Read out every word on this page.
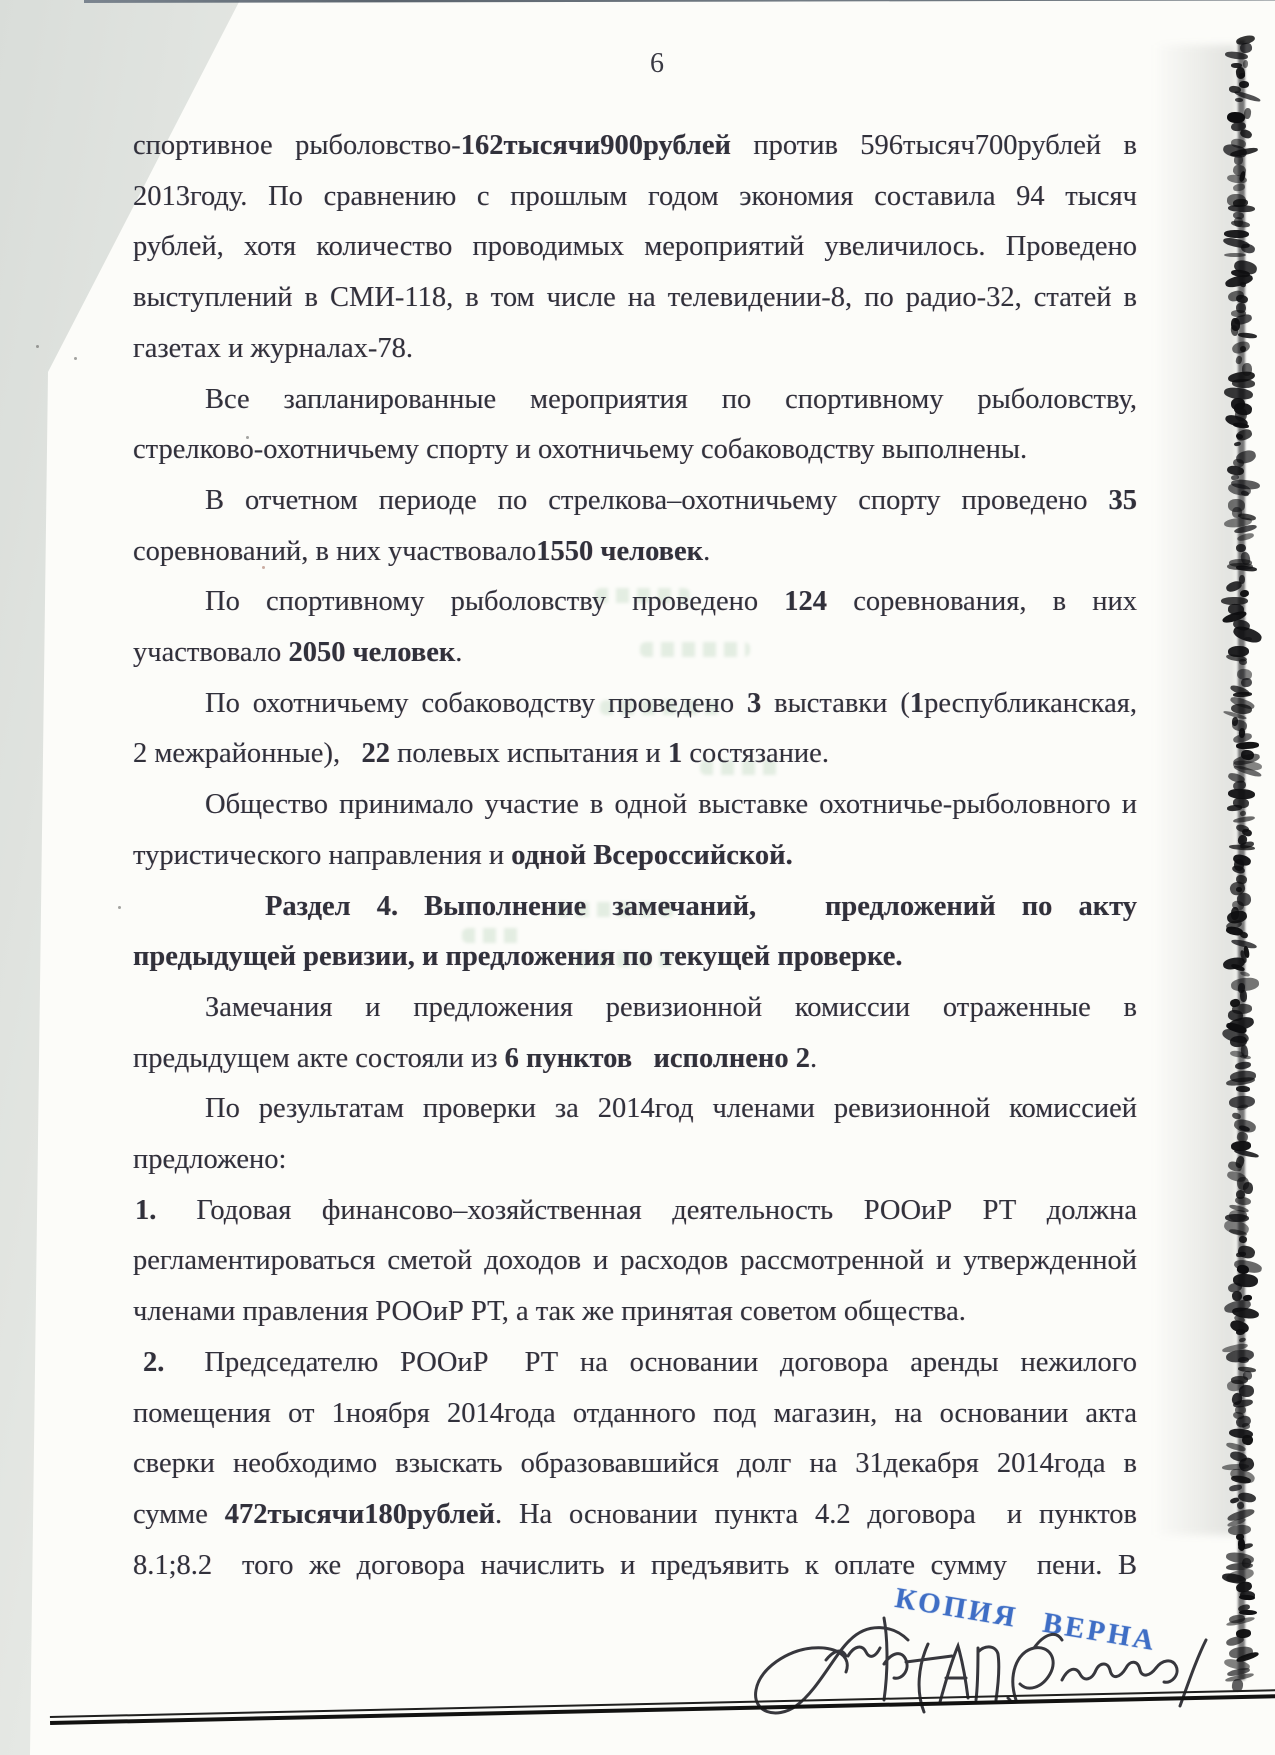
6
спортивное рыболовство-162тысячи900рублей против 596тысяч700рублей в
2013году. По сравнению с прошлым годом экономия составила 94 тысяч
рублей, хотя количество проводимых мероприятий увеличилось. Проведено
выступлений в СМИ-118, в том числе на телевидении-8, по радио-32, статей в
газетах и журналах-78.
Все запланированные мероприятия по спортивному рыболовству,
стрелково-охотничьему спорту и охотничьему собаководству выполнены.
В отчетном периоде по стрелкова–охотничьему спорту проведено 35
соревнований, в них участвовало1550 человек.
По спортивному рыболовству проведено 124 соревнования, в них
участвовало 2050 человек.
По охотничьему собаководству проведено 3 выставки (1республиканская,
2 межрайонные),  22 полевых испытания и 1 состязание.
Общество принимало участие в одной выставке охотничье-рыболовного и
туристического направления и одной Всероссийской.
Раздел 4. Выполнение замечаний,    предложений по акту
предыдущей ревизии, и предложения по текущей проверке.
Замечания и предложения ревизионной комиссии отраженные в
предыдущем акте состояли из 6 пунктов  исполнено 2.
По результатам проверки за 2014год членами ревизионной комиссией
предложено:
1. Годовая финансово–хозяйственная деятельность РООиР РТ должна
регламентироваться сметой доходов и расходов рассмотренной и утвержденной
членами правления РООиР РТ, а так же принятая советом общества.
2. Председателю РООиР  РТ на основании договора аренды нежилого
помещения от 1ноября 2014года отданного под магазин, на основании акта
сверки необходимо взыскать образовавшийся долг на 31декабря 2014года в
сумме 472тысячи180рублей. На основании пункта 4.2 договора  и пунктов
8.1;8.2  того же договора начислить и предъявить к оплате сумму  пени. В
КОПИЯ ВЕРНА
